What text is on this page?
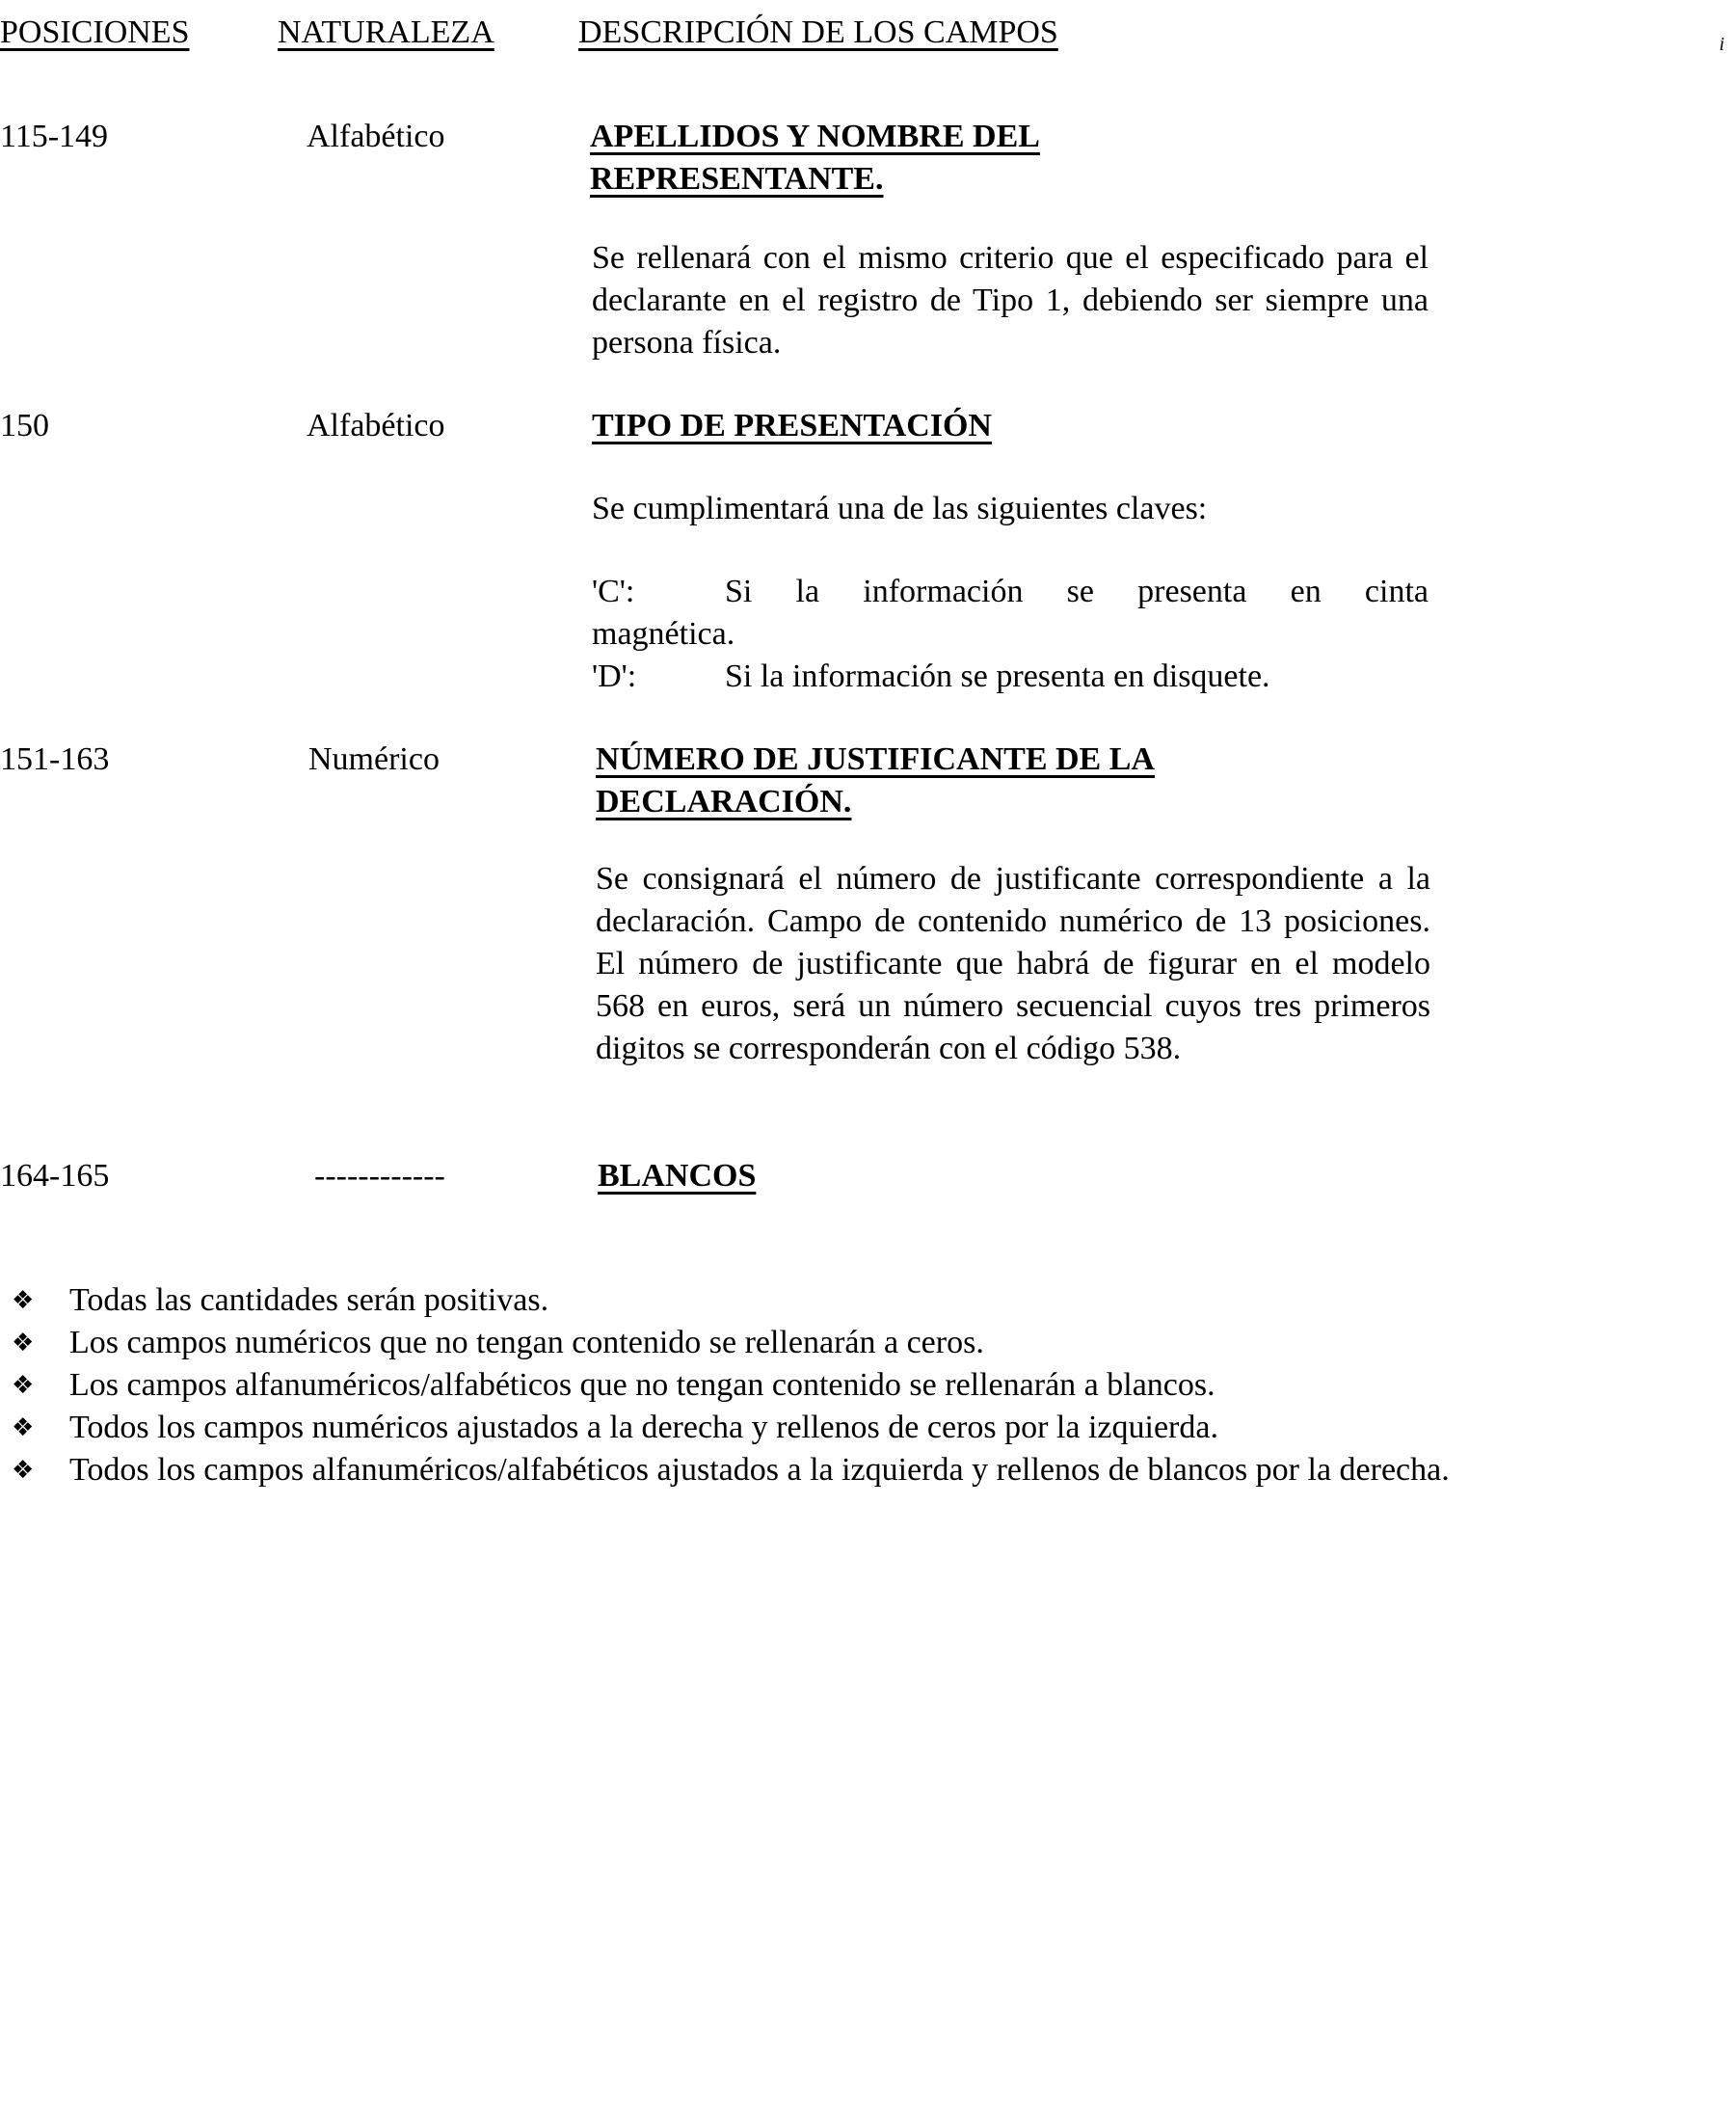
POSICIONES	NATURALEZA	DESCRIPCIÓN DE LOS CAMPOS	i
115-149	Alfabético	APELLIDOS Y NOMBRE DEL REPRESENTANTE.
Se rellenará con el mismo criterio que el especificado para el declarante en el registro de Tipo 1, debiendo ser siempre una persona física.
150	Alfabético	TIPO DE PRESENTACIÓN
Se cumplimentará una de las siguientes claves:
'C':	Si la información se presenta en cinta
magnética.
'D':	Si la información se presenta en disquete.
151-163	Numérico	NÚMERO DE JUSTIFICANTE DE LA DECLARACIÓN.
Se consignará el número de justificante correspondiente a la declaración. Campo de contenido numérico de 13 posiciones. El número de justificante que habrá de figurar en el modelo 568 en euros, será un número secuencial cuyos tres primeros digitos se corresponderán con el código 538.
164-165	------------	BLANCOS
❖ Todas las cantidades serán positivas.
❖ Los campos numéricos que no tengan contenido se rellenarán a ceros.
❖ Los campos alfanuméricos/alfabéticos que no tengan contenido se rellenarán a blancos.
❖ Todos los campos numéricos ajustados a la derecha y rellenos de ceros por la izquierda.
❖ Todos los campos alfanuméricos/alfabéticos ajustados a la izquierda y rellenos de blancos por la derecha.
